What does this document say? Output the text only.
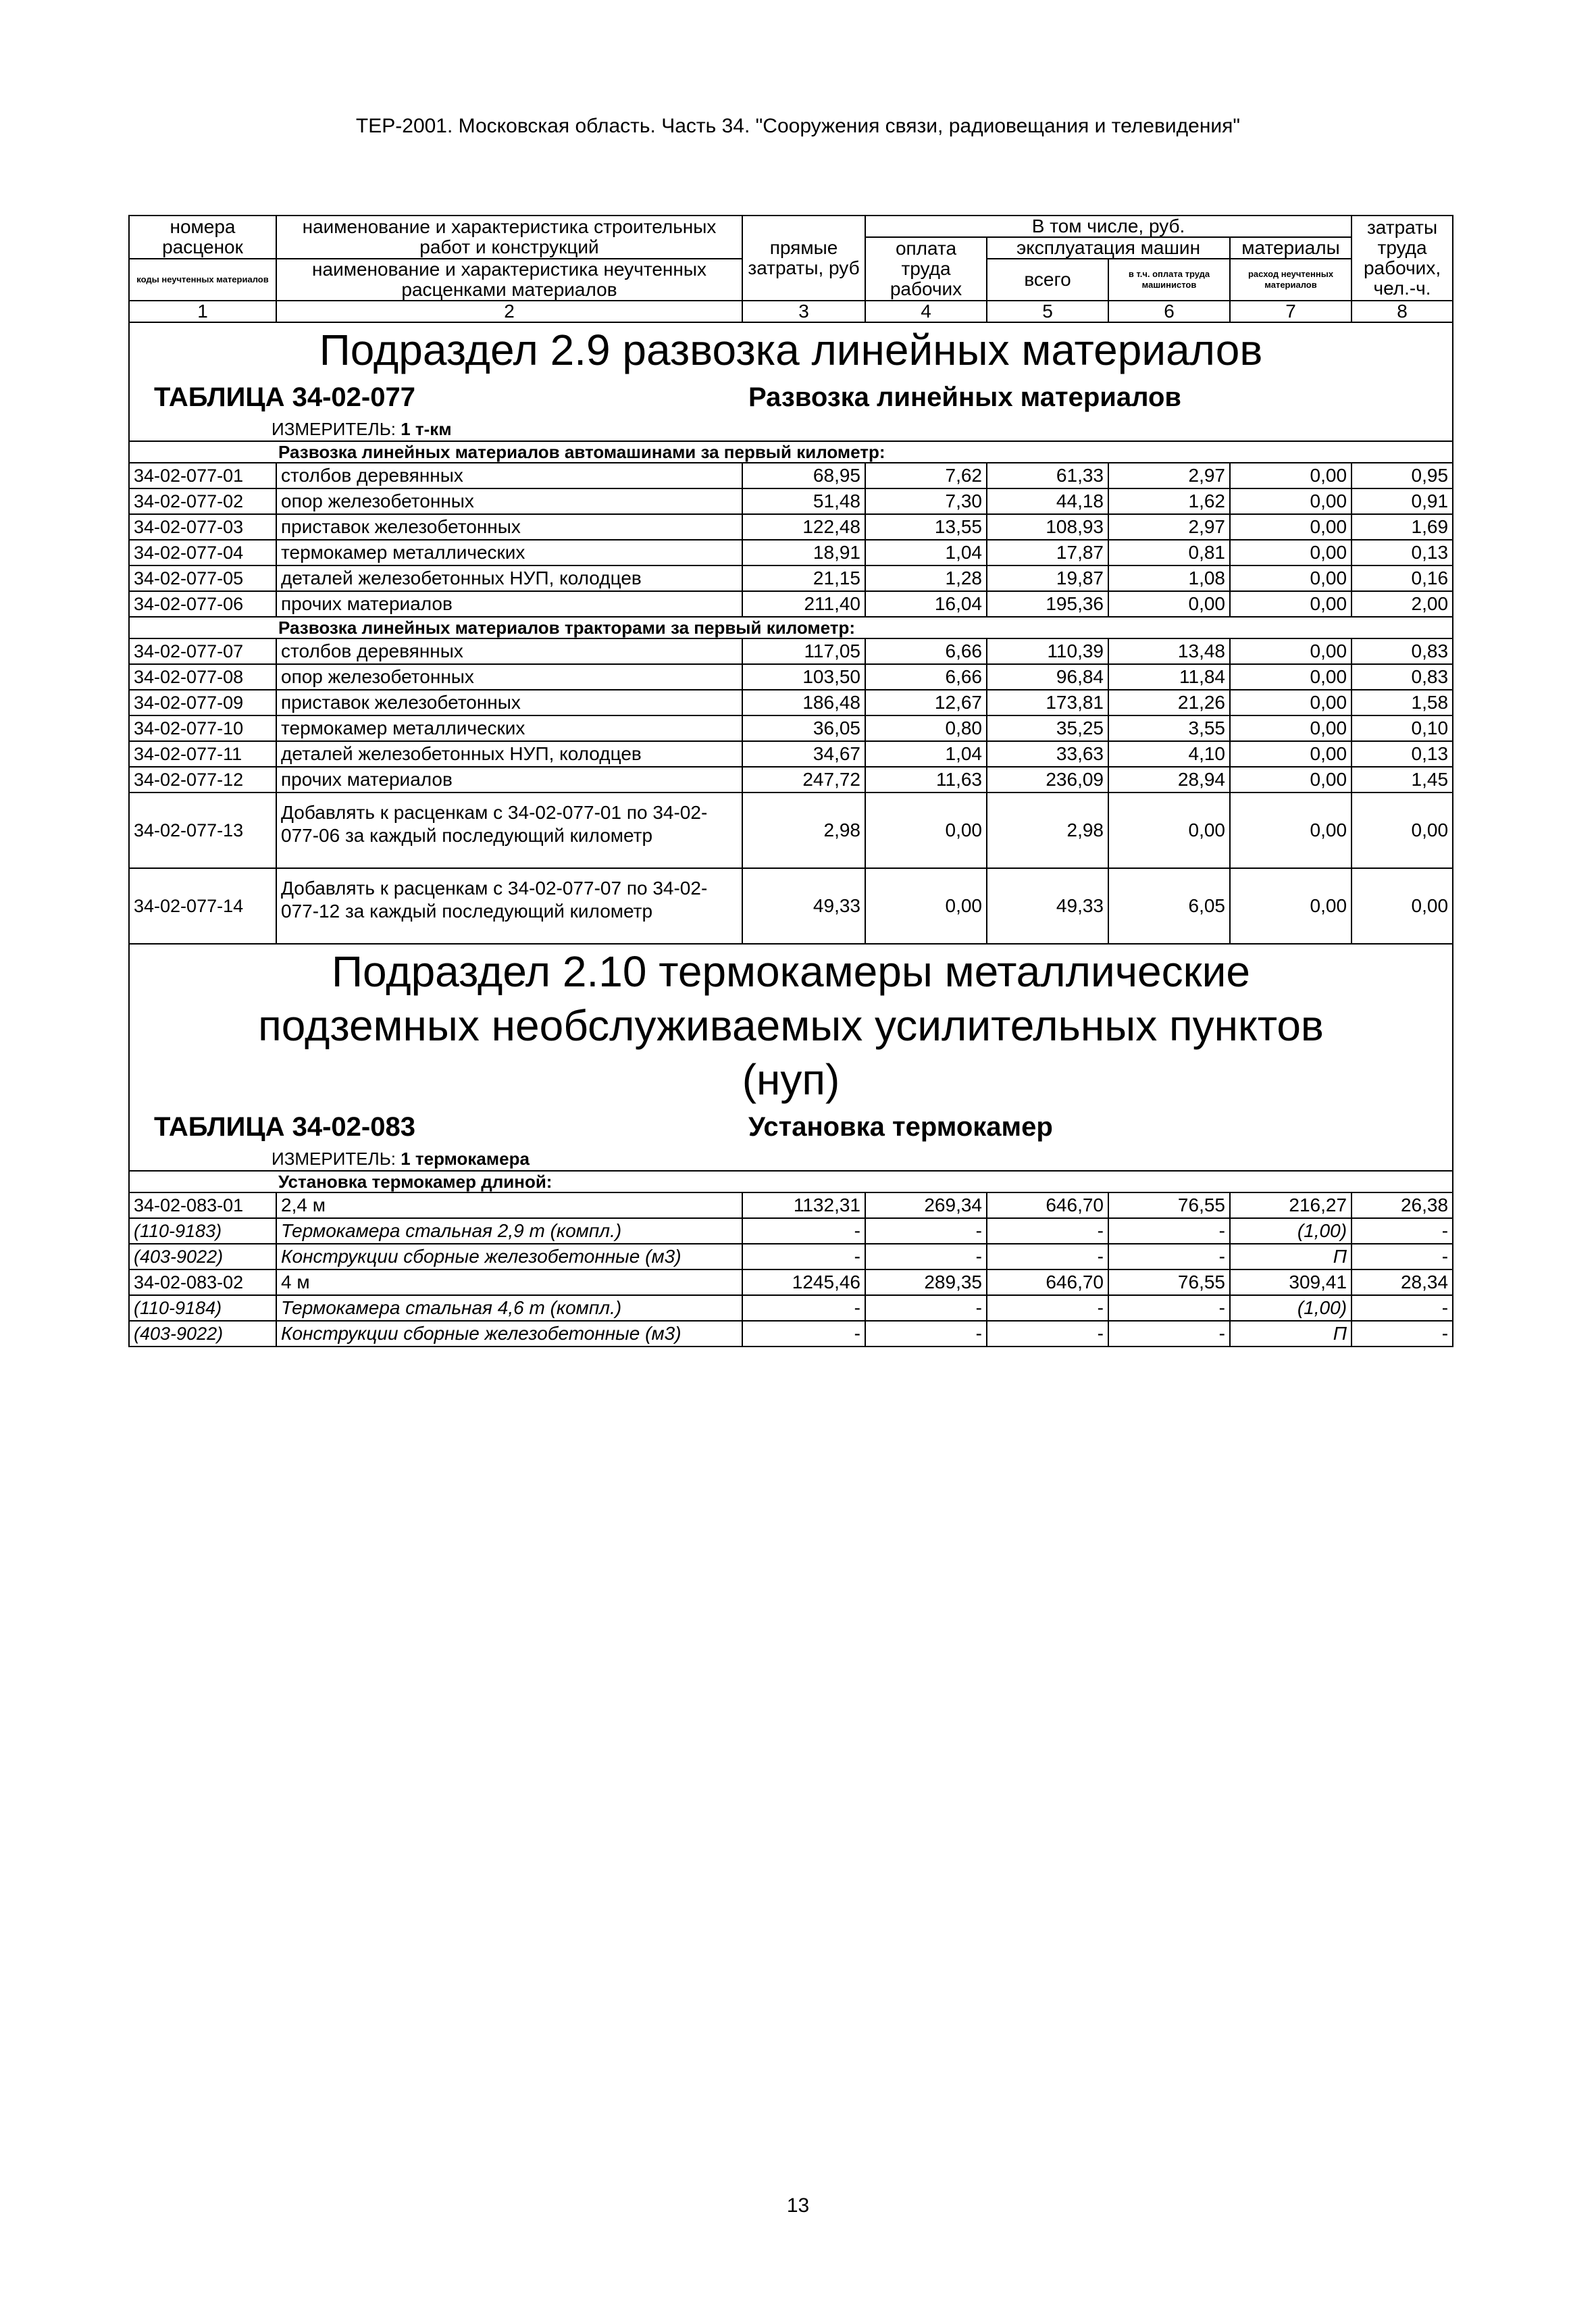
ТЕР-2001. Московская область. Часть 34. "Сооружения связи, радиовещания и телевидения"
номера расценок	наименование и характеристика строительных работ и конструкций	прямые затраты, руб	В том числе, руб.				затраты труда рабочих, чел.-ч.
			оплата труда рабочих	эксплуатация машин		материалы	
коды неучтенных материалов	наименование и характеристика неучтенных расценками материалов			всего	в т.ч. оплата труда машинистов	расход неучтенных материалов	

1	2	3	4	5	6	7	8
Подраздел 2.9 развозка линейных материалов							
ТАБЛИЦА 34-02-077 Развозка линейных материалов							

ИЗМЕРИТЕЛЬ: 1 т-км							
Развозка линейных материалов автомашинами за первый километр:							
34-02-077-01	столбов деревянных	68,95	7,62	61,33	2,97	0,00	0,95
34-02-077-02	опор железобетонных	51,48	7,30	44,18	1,62	0,00	0,91
34-02-077-03	приставок железобетонных	122,48	13,55	108,93	2,97	0,00	1,69
34-02-077-04	термокамер металлических	18,91	1,04	17,87	0,81	0,00	0,13
34-02-077-05	деталей железобетонных НУП, колодцев	21,15	1,28	19,87	1,08	0,00	0,16
34-02-077-06	прочих материалов	211,40	16,04	195,36	0,00	0,00	2,00
Развозка линейных материалов тракторами за первый километр:							
34-02-077-07	столбов деревянных	117,05	6,66	110,39	13,48	0,00	0,83
34-02-077-08	опор железобетонных	103,50	6,66	96,84	11,84	0,00	0,83
34-02-077-09	приставок железобетонных	186,48	12,67	173,81	21,26	0,00	1,58
34-02-077-10	термокамер металлических	36,05	0,80	35,25	3,55	0,00	0,10
34-02-077-11	деталей железобетонных НУП, колодцев	34,67	1,04	33,63	4,10	0,00	0,13
34-02-077-12	прочих материалов	247,72	11,63	236,09	28,94	0,00	1,45
34-02-077-13	Добавлять к расценкам с 34-02-077-01 по 34-02-077-06 за каждый последующий километр	2,98	0,00	2,98	0,00	0,00	0,00
34-02-077-14	Добавлять к расценкам с 34-02-077-07 по 34-02-077-12 за каждый последующий километр	49,33	0,00	49,33	6,05	0,00	0,00
Подраздел 2.10 термокамеры металлические подземных необслуживаемых усилительных пунктов (нуп)							
ТАБЛИЦА 34-02-083 Установка термокамер							
ИЗМЕРИТЕЛЬ: 1 термокамера							
Установка термокамер длиной:							
34-02-083-01	2,4 м	1132,31	269,34	646,70	76,55	216,27	26,38
(110-9183)	Термокамера стальная 2,9 т (компл.)	-	-	-	-	(1,00)	-
(403-9022)	Конструкции сборные железобетонные (м3)	-	-	-	-	П	-
34-02-083-02	4 м	1245,46	289,35	646,70	76,55	309,41	28,34
(110-9184)	Термокамера стальная 4,6 т (компл.)	-	-	-	-	(1,00)	-
(403-9022)	Конструкции сборные железобетонные (м3)	-	-	-	-	П	-
13
